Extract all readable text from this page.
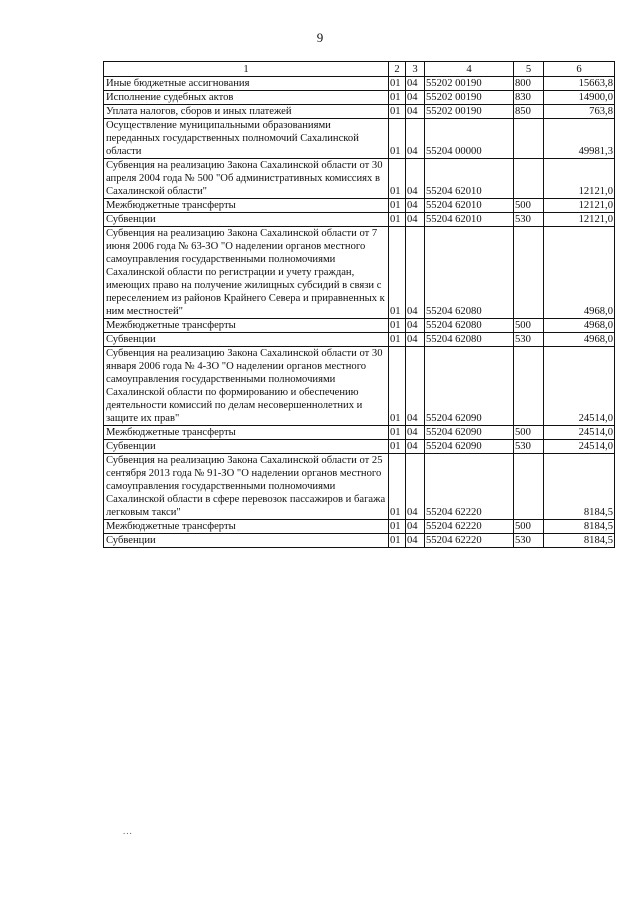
9
1	2	3	4	5	6
Иные бюджетные ассигнования	01	04	55202 00190	800	15663,8
Исполнение судебных актов	01	04	55202 00190	830	14900,0
Уплата налогов, сборов и иных платежей	01	04	55202 00190	850	763,8
Осуществление муниципальными образованиями переданных государственных полномочий Сахалинской области	01	04	55204 00000		49981,3
Субвенция на реализацию Закона Сахалинской области от 30 апреля 2004 года № 500 "Об административных комиссиях в Сахалинской области"	01	04	55204 62010		12121,0
Межбюджетные трансферты	01	04	55204 62010	500	12121,0
Субвенции	01	04	55204 62010	530	12121,0
Субвенция на реализацию Закона Сахалинской области от 7 июня 2006 года № 63-ЗО "О наделении органов местного самоуправления государственными полномочиями Сахалинской области по регистрации и учету граждан, имеющих право на получение жилищных субсидий в связи с переселением из районов Крайнего Севера и приравненных к ним местностей"	01	04	55204 62080		4968,0
Межбюджетные трансферты	01	04	55204 62080	500	4968,0
Субвенции	01	04	55204 62080	530	4968,0
Субвенция на реализацию Закона Сахалинской области от 30 января 2006 года № 4-ЗО "О наделении органов местного самоуправления государственными полномочиями Сахалинской области по формированию и обеспечению деятельности комиссий по делам несовершеннолетних и защите их прав"	01	04	55204 62090		24514,0
Межбюджетные трансферты	01	04	55204 62090	500	24514,0
Субвенции	01	04	55204 62090	530	24514,0
Субвенция на реализацию Закона Сахалинской области от 25 сентября 2013 года № 91-ЗО "О наделении органов местного самоуправления государственными полномочиями Сахалинской области в сфере перевозок пассажиров и багажа легковым такси"	01	04	55204 62220		8184,5
Межбюджетные трансферты	01	04	55204 62220	500	8184,5
Субвенции	01	04	55204 62220	530	8184,5
...
